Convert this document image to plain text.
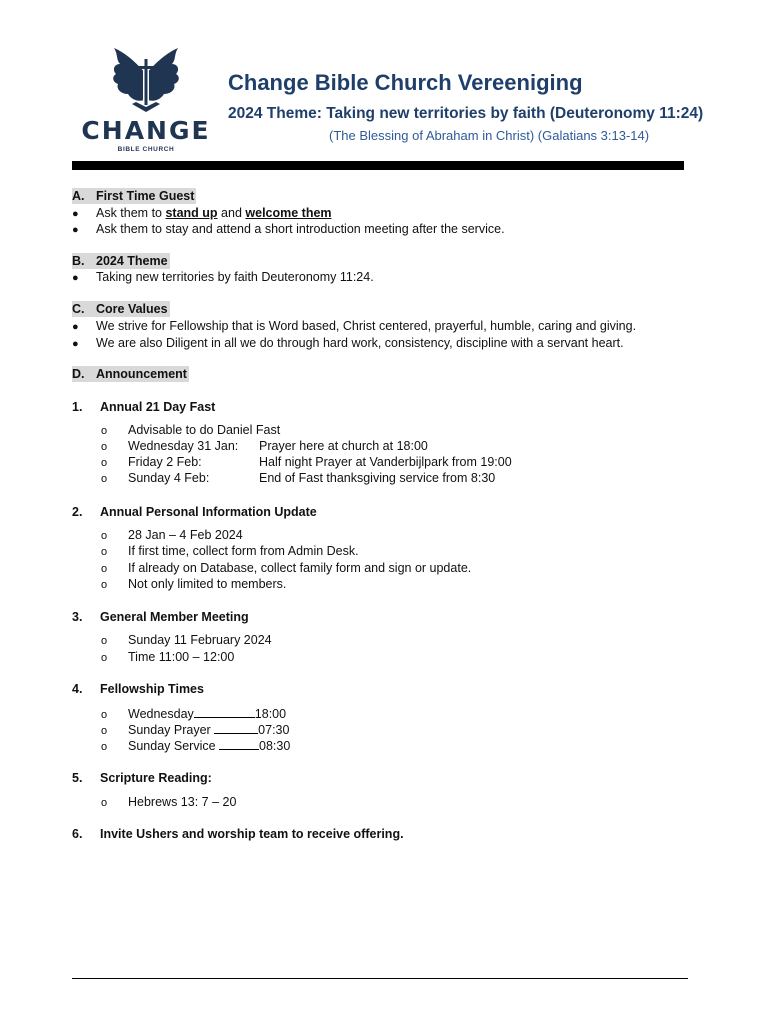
CHANGE
BIBLE CHURCH
Change Bible Church Vereeniging
2024 Theme: Taking new territories by faith (Deuteronomy 11:24)
(The Blessing of Abraham in Christ) (Galatians 3:13-14)
A. First Time Guest
● Ask them to stand up and welcome them
● Ask them to stay and attend a short introduction meeting after the service.
B. 2024 Theme
● Taking new territories by faith Deuteronomy 11:24.
C. Core Values
● We strive for Fellowship that is Word based, Christ centered, prayerful, humble, caring and giving.
● We are also Diligent in all we do through hard work, consistency, discipline with a servant heart.
D. Announcement
1. Annual 21 Day Fast
o Advisable to do Daniel Fast
o Wednesday 31 Jan: Prayer here at church at 18:00
o Friday 2 Feb:	Half night Prayer at Vanderbijlpark from 19:00
o Sunday 4 Feb:	End of Fast thanksgiving service from 8:30
2. Annual Personal Information Update
o 28 Jan – 4 Feb 2024
o If first time, collect form from Admin Desk.
o If already on Database, collect family form and sign or update.
o Not only limited to members.
3. General Member Meeting
o Sunday 11 February 2024
o Time 11:00 – 12:00
4. Fellowship Times
o Wednesday	18:00
o Sunday Prayer	07:30
o Sunday Service	08:30
5. Scripture Reading:
o Hebrews 13: 7 – 20
6. Invite Ushers and worship team to receive offering.
